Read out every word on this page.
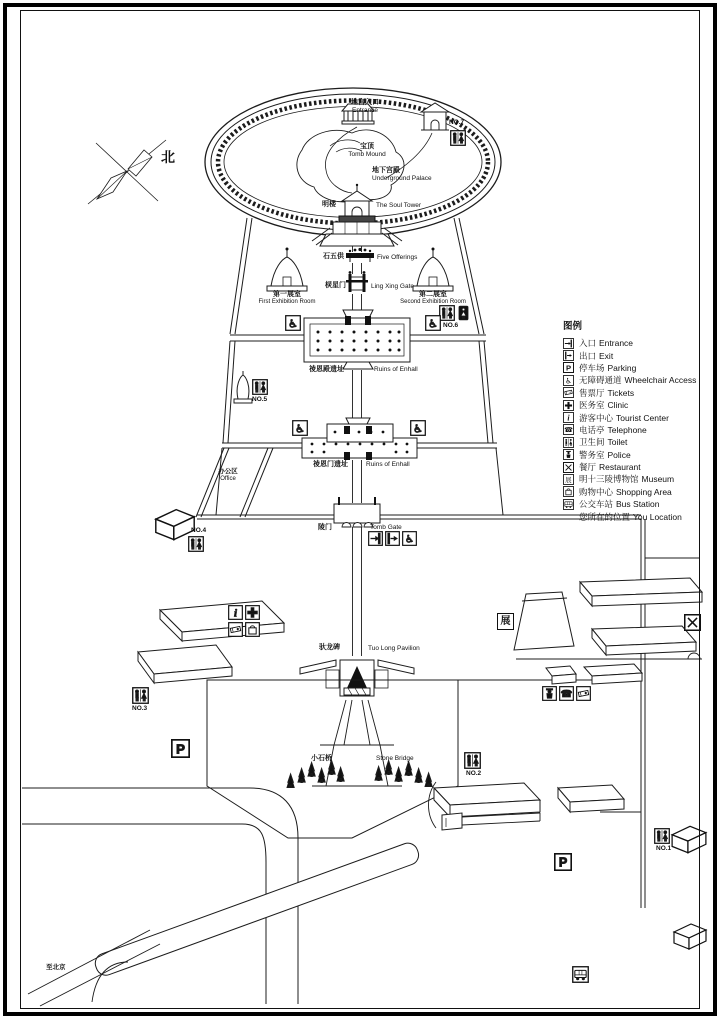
北
地宫入口
Entrance
宝顶
Tomb Mound
地下宫殿
Underground Palace
明楼	The Soul Tower
石五供	Five Offerings
棂星门	Ling Xing Gate
第一展室
First Exhibition Room
第二展室
Second Exhibition Room
祾恩殿遗址	Ruins of Enhall
祾恩门遗址	Ruins of Enhall
办公区
Office
陵门	Tomb Gate
驮龙碑	Tuo Long Pavilion
小石桥	Stone Bridge
至北京
NO.7
NO.6
NO.5
NO.4
NO.3
NO.2
NO.1
展
图例
入口 Entrance
出口 Exit
停车场 Parking
无障碍通道 Wheelchair Access
售票厅 Tickets
医务室 Clinic
游客中心 Tourist Center
电话亭 Telephone
卫生间 Toilet
警务室 Police
餐厅 Restaurant
明十三陵博物馆 Museum
购物中心 Shopping Area
公交车站 Bus Station
您所在的位置 You Location
